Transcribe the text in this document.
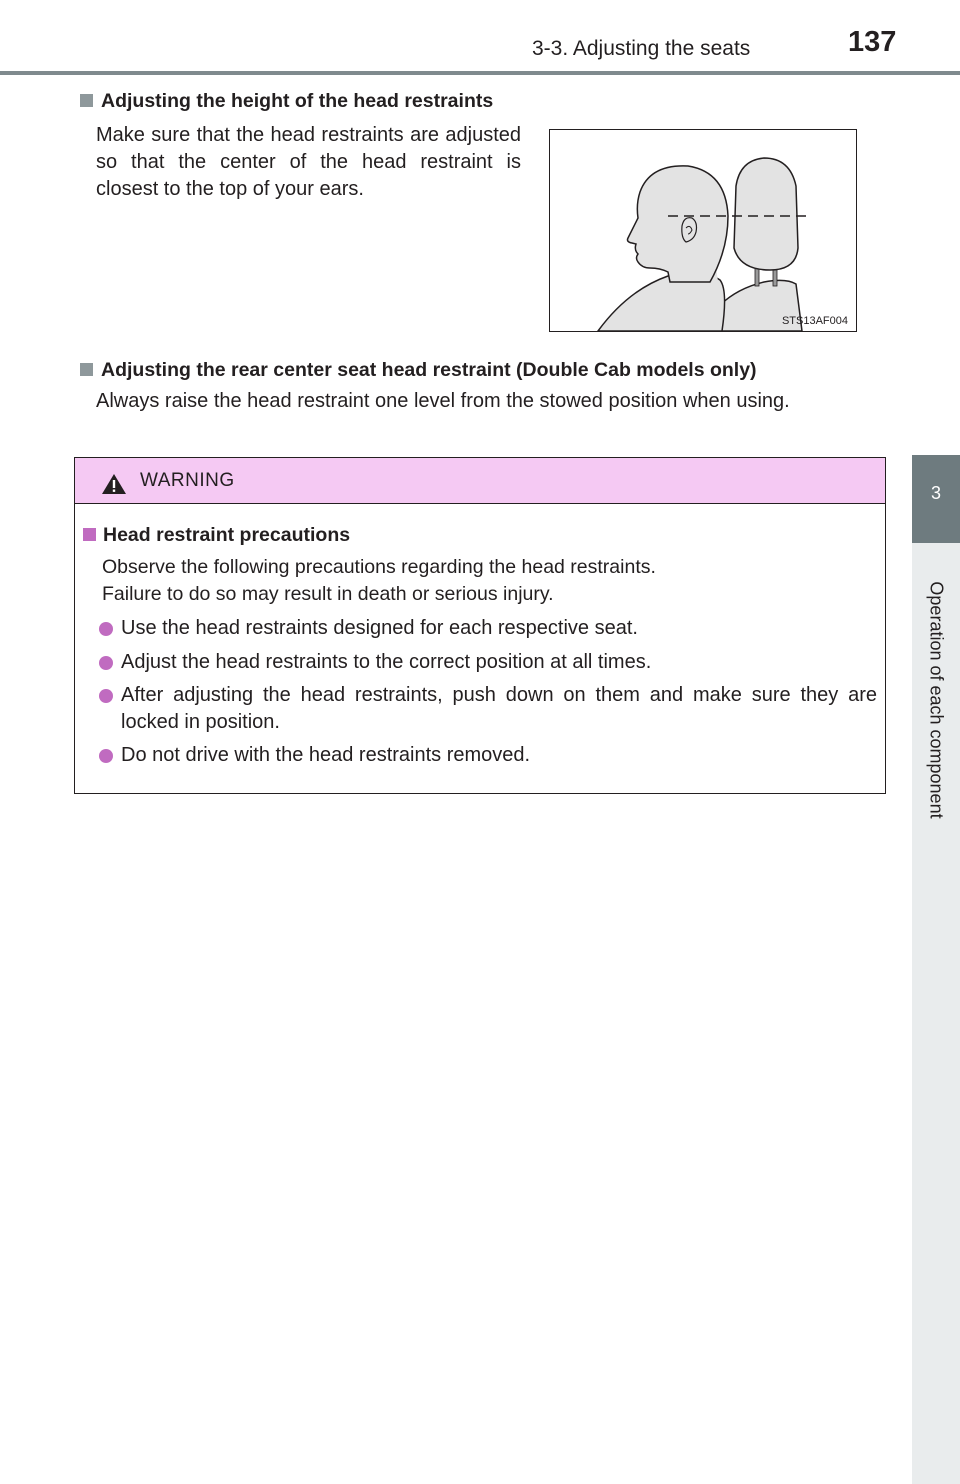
3-3. Adjusting the seats	137
3
Operation of each component
Adjusting the height of the head restraints
Make sure that the head restraints are adjusted so that the center of the head restraint is closest to the top of your ears.
STS13AF004
Adjusting the rear center seat head restraint (Double Cab models only)
Always raise the head restraint one level from the stowed position when using.
WARNING
Head restraint precautions
Observe the following precautions regarding the head restraints.
Failure to do so may result in death or serious injury.
Use the head restraints designed for each respective seat.
Adjust the head restraints to the correct position at all times.
After adjusting the head restraints, push down on them and make sure they are locked in position.
Do not drive with the head restraints removed.
